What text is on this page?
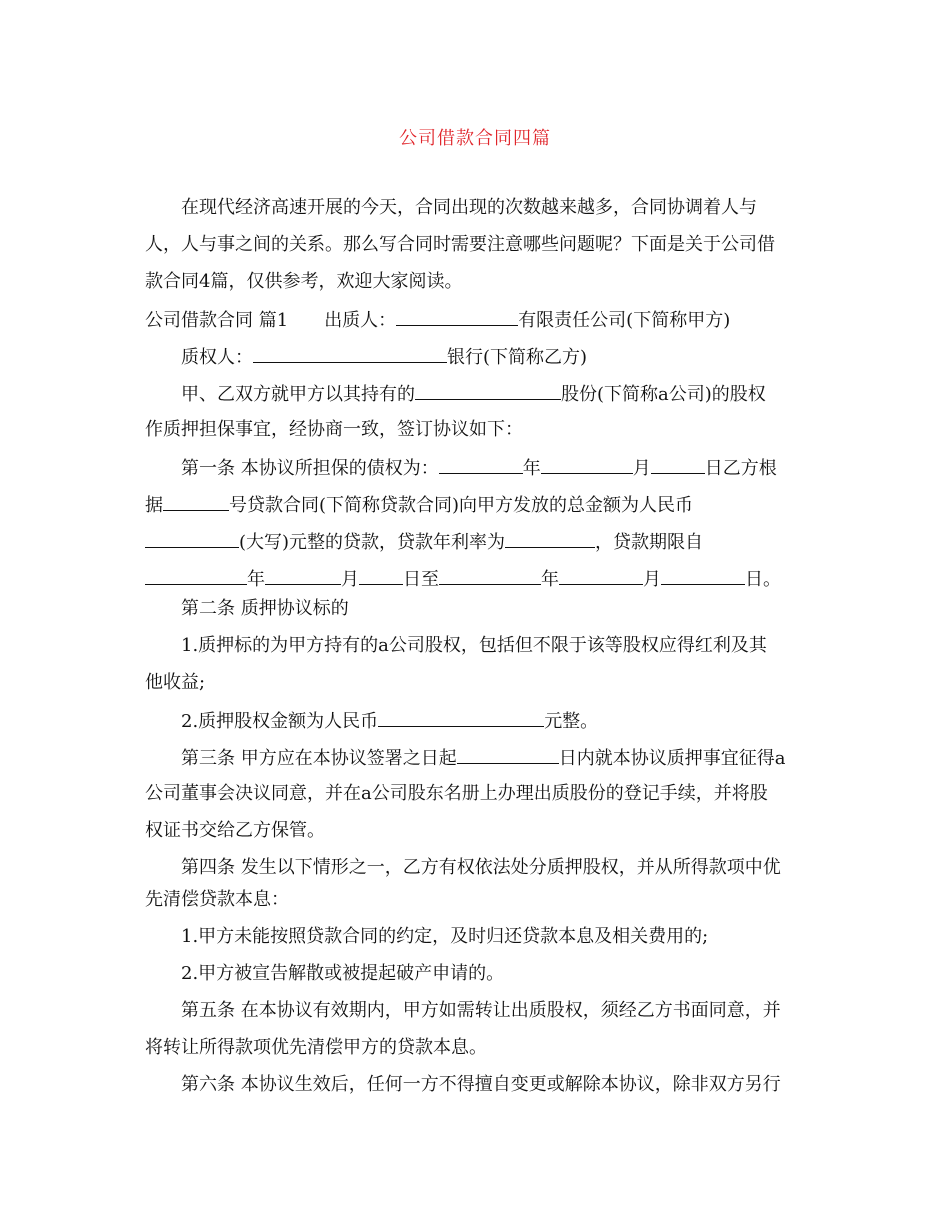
公司借款合同四篇
在现代经济高速开展的今天，合同出现的次数越来越多，合同协调着人与
人，人与事之间的关系。那么写合同时需要注意哪些问题呢？下面是关于公司借
款合同4篇，仅供参考，欢迎大家阅读。
公司借款合同 篇1 出质人：	有限责任公司(下简称甲方)
质权人：	银行(下简称乙方)
甲、乙双方就甲方以其持有的	股份(下简称a公司)的股权
作质押担保事宜，经协商一致，签订协议如下：
第一条 本协议所担保的债权为：	年	月	日乙方根
据	号贷款合同(下简称贷款合同)向甲方发放的总金额为人民币
(大写)元整的贷款，贷款年利率为	，贷款期限自
年	月 日至	年	月	日。
第二条 质押协议标的
1.质押标的为甲方持有的a公司股权，包括但不限于该等股权应得红利及其
他收益;
2.质押股权金额为人民币	元整。
第三条 甲方应在本协议签署之日起	日内就本协议质押事宜征得a
公司董事会决议同意，并在a公司股东名册上办理出质股份的登记手续，并将股
权证书交给乙方保管。
第四条 发生以下情形之一，乙方有权依法处分质押股权，并从所得款项中优
先清偿贷款本息：
1.甲方未能按照贷款合同的约定，及时归还贷款本息及相关费用的;
2.甲方被宣告解散或被提起破产申请的。
第五条 在本协议有效期内，甲方如需转让出质股权，须经乙方书面同意，并
将转让所得款项优先清偿甲方的贷款本息。
第六条 本协议生效后，任何一方不得擅自变更或解除本协议，除非双方另行
